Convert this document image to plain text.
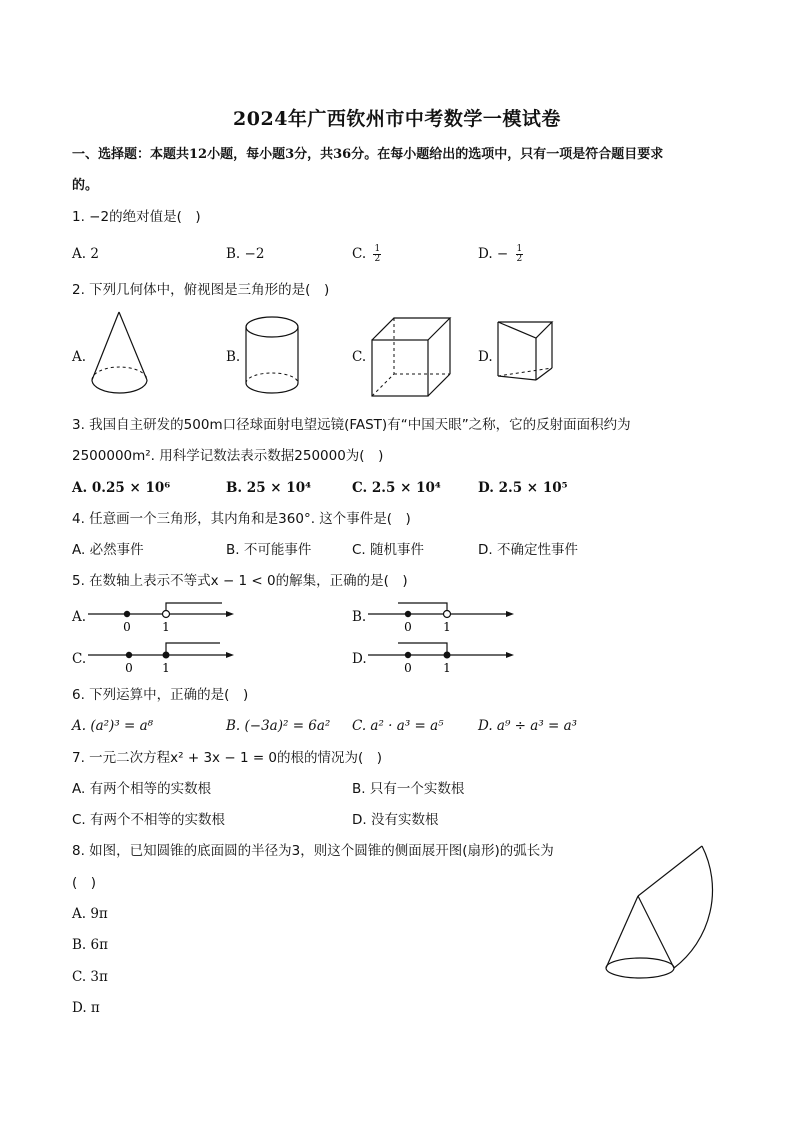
2024年广西钦州市中考数学一模试卷
一、选择题：本题共12小题，每小题3分，共36分。在每小题给出的选项中，只有一项是符合题目要求
的。
1. −2的绝对值是(　)
A. 2	B. −2	C. $\frac{1}{2}$	D. − $\frac{1}{2}$
2. 下列几何体中，俯视图是三角形的是(　)
A.	B.	C.	D.
3. 我国自主研发的500m口径球面射电望远镜(FAST)有“中国天眼”之称，它的反射面面积约为
2500000m². 用科学记数法表示数据250000为(　)
A. 0.25 × 10⁶	B. 25 × 10⁴	C. 2.5 × 10⁴	D. 2.5 × 10⁵
4. 任意画一个三角形，其内角和是360°. 这个事件是(　)
A. 必然事件	B. 不可能事件	C. 随机事件	D. 不确定性事件
5. 在数轴上表示不等式x − 1 < 0的解集，正确的是(　)
A.	B.
C.	D.
0	1	0	1
0 1	0	1
6. 下列运算中，正确的是(　)
A. (a²)³ = a⁸	B. (−3a)² = 6a² C. a² · a³ = a⁵	D. a⁹ ÷ a³ = a³
7. 一元二次方程x² + 3x − 1 = 0的根的情况为(　)
A. 有两个相等的实数根	B. 只有一个实数根
C. 有两个不相等的实数根	D. 没有实数根
8. 如图，已知圆锥的底面圆的半径为3，则这个圆锥的侧面展开图(扇形)的弧长为
(　)
A. 9π
B. 6π
C. 3π
D. π
